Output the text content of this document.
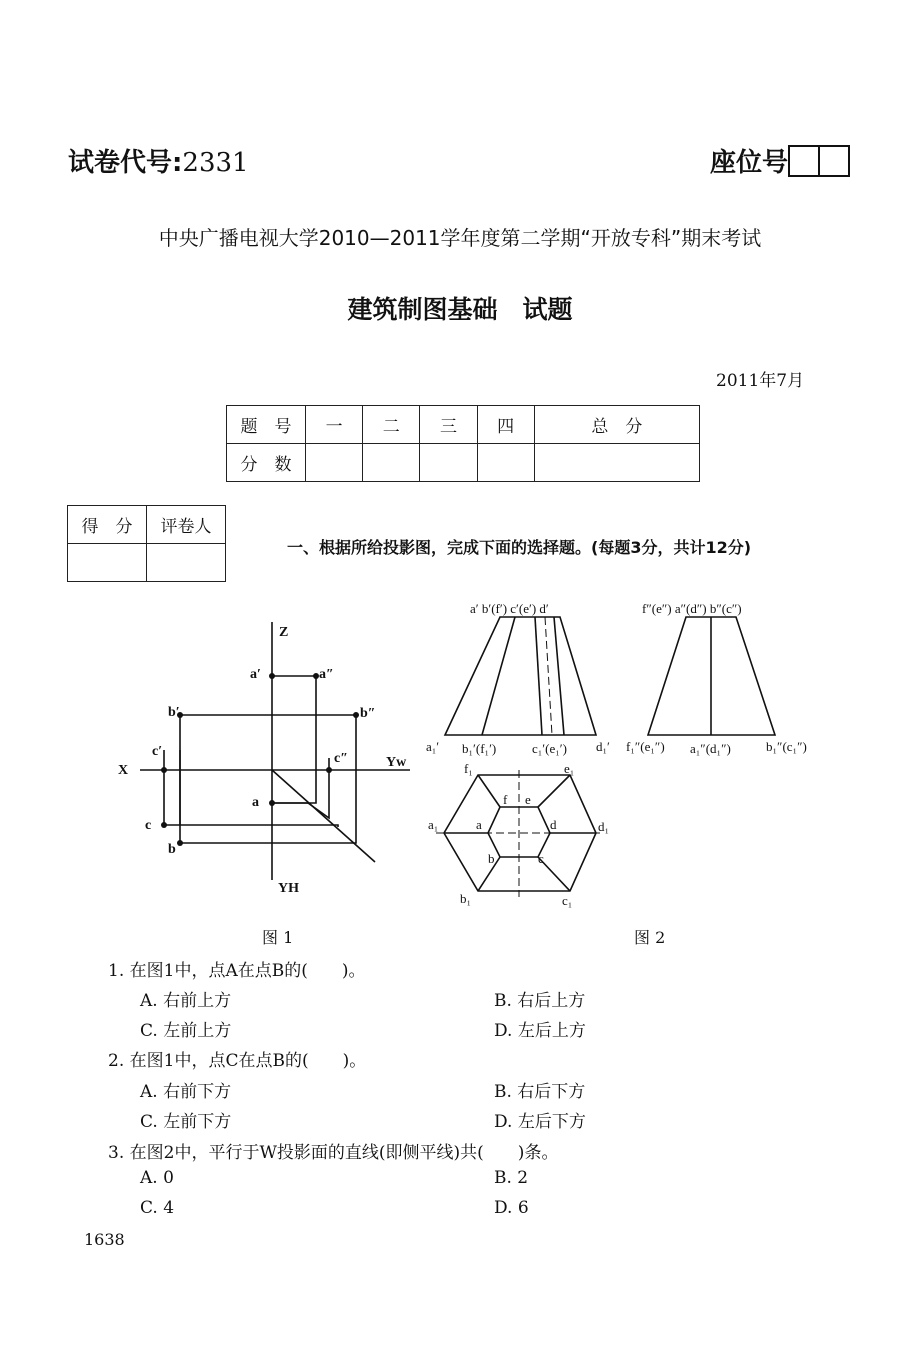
试卷代号:2331	座位号
中央广播电视大学2010—2011学年度第二学期“开放专科”期末考试
建筑制图基础　试题
2011年7月
题　号	一	二	三	四	总　分
分　数					
得　分	评卷人

一、根据所给投影图，完成下面的选择题。(每题3分，共计12分)
Z
X
Yw
YH
a′	a″
b′	b″
c′	c″
a
c
b
图 1
a′ b′(f′) c′(e′) d′
a₁′ b₁′(f₁′)	c₁′(e₁′) d₁′
f″(e″) a″(d″) b″(c″)
f₁″(e₁″) a₁″(d₁″)	b₁″(c₁″)
f₁	e₁
a₁	d₁
b₁	c₁
f e
a	d
b	c
图 2
1. 在图1中，点A在点B的(　　)。
A. 右前上方	B. 右后上方
C. 左前上方	D. 左后上方
2. 在图1中，点C在点B的(　　)。
A. 右前下方	B. 右后下方
C. 左前下方	D. 左后下方
3. 在图2中，平行于W投影面的直线(即侧平线)共(　　)条。
A. 0	B. 2
C. 4	D. 6
1638
